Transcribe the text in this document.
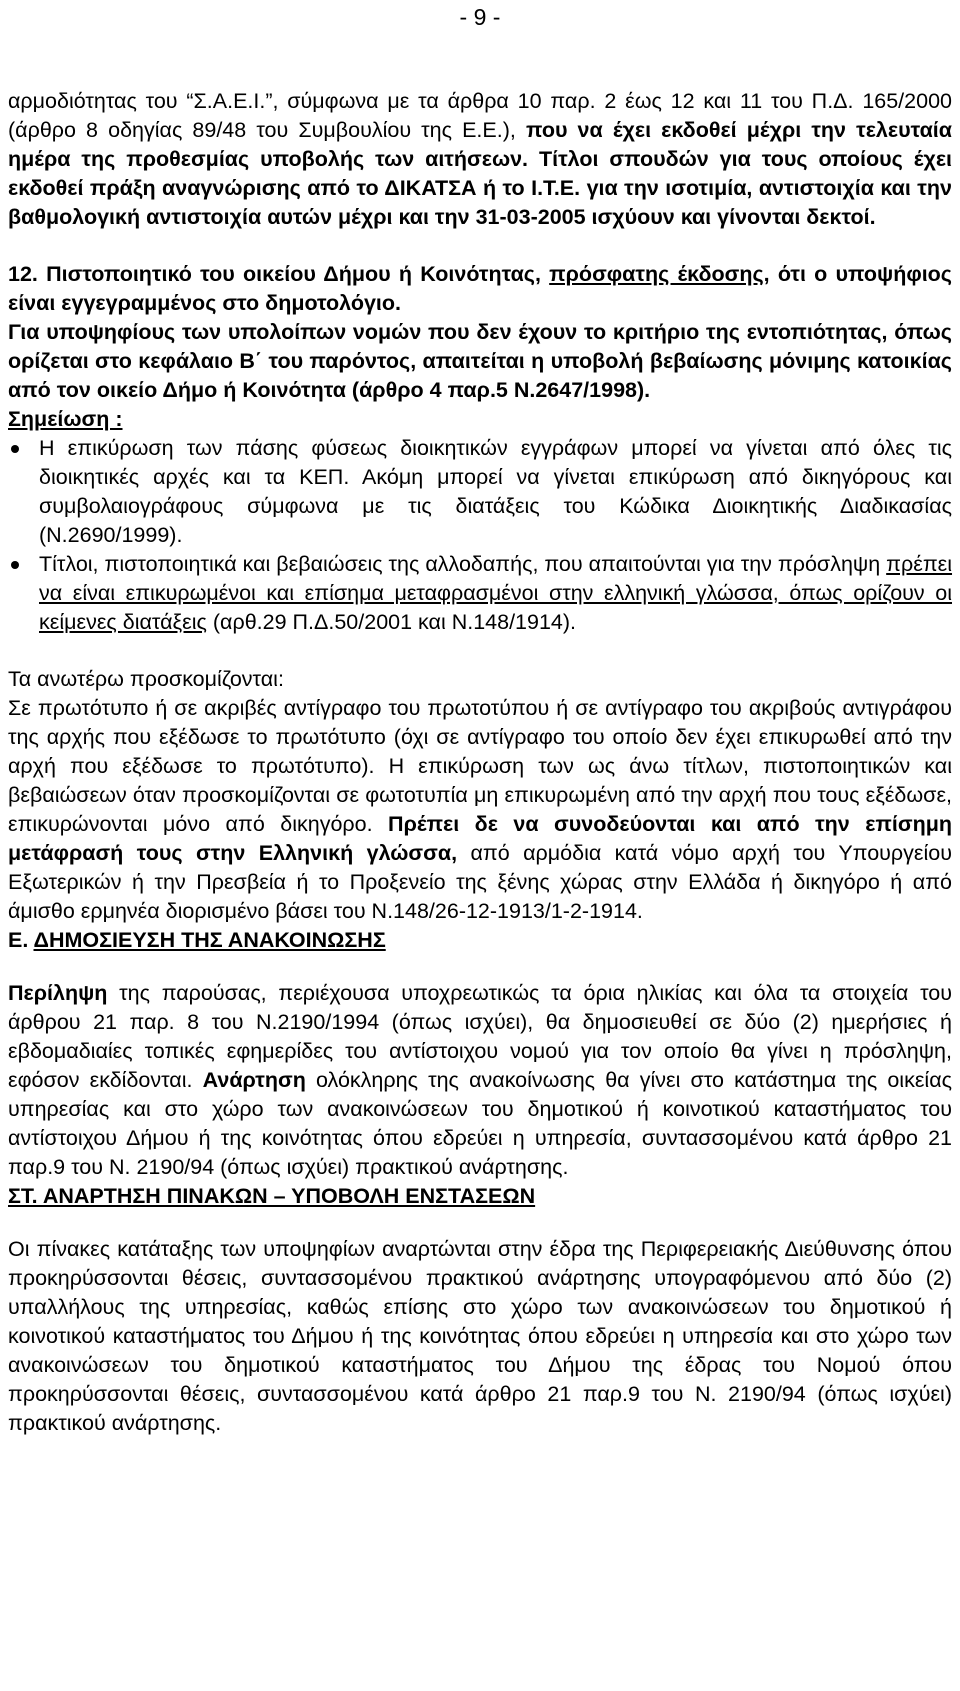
- 9 -

αρμοδιότητας του “Σ.Α.Ε.Ι.”, σύμφωνα με τα άρθρα 10 παρ. 2 έως 12 και 11 του Π.Δ. 165/2000 (άρθρο 8 οδηγίας 89/48 του Συμβουλίου της Ε.Ε.), που να έχει εκδοθεί μέχρι την τελευταία ημέρα της προθεσμίας υποβολής των αιτήσεων. Τίτλοι σπουδών για τους οποίους έχει εκδοθεί πράξη αναγνώρισης από το ΔΙΚΑΤΣΑ ή το Ι.Τ.Ε. για την ισοτιμία, αντιστοιχία και την βαθμολογική αντιστοιχία αυτών μέχρι και την 31-03-2005 ισχύουν και γίνονται δεκτοί.

12. Πιστοποιητικό του οικείου Δήμου ή Κοινότητας, πρόσφατης έκδοσης, ότι ο υποψήφιος είναι εγγεγραμμένος στο δημοτολόγιο.

Για υποψηφίους των υπολοίπων νομών που δεν έχουν το κριτήριο της εντοπιότητας, όπως ορίζεται στο κεφάλαιο Β΄ του παρόντος, απαιτείται η υποβολή βεβαίωσης μόνιμης κατοικίας από τον οικείο Δήμο ή Κοινότητα (άρθρο 4 παρ.5 Ν.2647/1998).

Σημείωση :

Η επικύρωση των πάσης φύσεως διοικητικών εγγράφων μπορεί να γίνεται από όλες τις διοικητικές αρχές και τα ΚΕΠ. Ακόμη μπορεί να γίνεται επικύρωση από δικηγόρους και συμβολαιογράφους σύμφωνα με τις διατάξεις του Κώδικα Διοικητικής Διαδικασίας (Ν.2690/1999).
Τίτλοι, πιστοποιητικά και βεβαιώσεις της αλλοδαπής, που απαιτούνται για την πρόσληψη πρέπει να είναι επικυρωμένοι και επίσημα μεταφρασμένοι στην ελληνική γλώσσα, όπως ορίζουν οι κείμενες διατάξεις (αρθ.29 Π.Δ.50/2001 και Ν.148/1914).

Τα ανωτέρω προσκομίζονται:

Σε πρωτότυπο ή σε ακριβές αντίγραφο του πρωτοτύπου ή σε αντίγραφο του ακριβούς αντιγράφου της αρχής που εξέδωσε το πρωτότυπο (όχι σε αντίγραφο του οποίο δεν έχει επικυρωθεί από την αρχή που εξέδωσε το πρωτότυπο). Η επικύρωση των ως άνω τίτλων, πιστοποιητικών και βεβαιώσεων όταν προσκομίζονται σε φωτοτυπία μη επικυρωμένη από την αρχή που τους εξέδωσε, επικυρώνονται μόνο από δικηγόρο. Πρέπει δε να συνοδεύονται και από την επίσημη μετάφρασή τους στην Ελληνική γλώσσα, από αρμόδια κατά νόμο αρχή του Υπουργείου Εξωτερικών ή την Πρεσβεία ή το Προξενείο της ξένης χώρας στην Ελλάδα ή δικηγόρο ή από άμισθο ερμηνέα διορισμένο βάσει του Ν.148/26-12-1913/1-2-1914.

Ε. ΔΗΜΟΣΙΕΥΣΗ ΤΗΣ ΑΝΑΚΟΙΝΩΣΗΣ

Περίληψη της παρούσας, περιέχουσα υποχρεωτικώς τα όρια ηλικίας και όλα τα στοιχεία του άρθρου 21 παρ. 8 του Ν.2190/1994 (όπως ισχύει), θα δημοσιευθεί σε δύο (2) ημερήσιες ή εβδομαδιαίες τοπικές εφημερίδες του αντίστοιχου νομού για τον οποίο θα γίνει η πρόσληψη, εφόσον εκδίδονται. Ανάρτηση ολόκληρης της ανακοίνωσης θα γίνει στο κατάστημα της οικείας υπηρεσίας και στο χώρο των ανακοινώσεων του δημοτικού ή κοινοτικού καταστήματος του αντίστοιχου Δήμου ή της κοινότητας όπου εδρεύει η υπηρεσία, συντασσομένου κατά άρθρο 21 παρ.9 του Ν. 2190/94 (όπως ισχύει) πρακτικού ανάρτησης.

ΣΤ. ΑΝΑΡΤΗΣΗ ΠΙΝΑΚΩΝ – ΥΠΟΒΟΛΗ ΕΝΣΤΑΣΕΩΝ

Οι πίνακες κατάταξης των υποψηφίων αναρτώνται στην έδρα της Περιφερειακής Διεύθυνσης όπου προκηρύσσονται θέσεις, συντασσομένου πρακτικού ανάρτησης υπογραφόμενου από δύο (2) υπαλλήλους της υπηρεσίας, καθώς επίσης στο χώρο των ανακοινώσεων του δημοτικού ή κοινοτικού καταστήματος του Δήμου ή της κοινότητας όπου εδρεύει η υπηρεσία και στο χώρο των ανακοινώσεων του δημοτικού καταστήματος του Δήμου της έδρας του Νομού όπου προκηρύσσονται θέσεις, συντασσομένου κατά άρθρο 21 παρ.9 του Ν. 2190/94 (όπως ισχύει) πρακτικού ανάρτησης.
